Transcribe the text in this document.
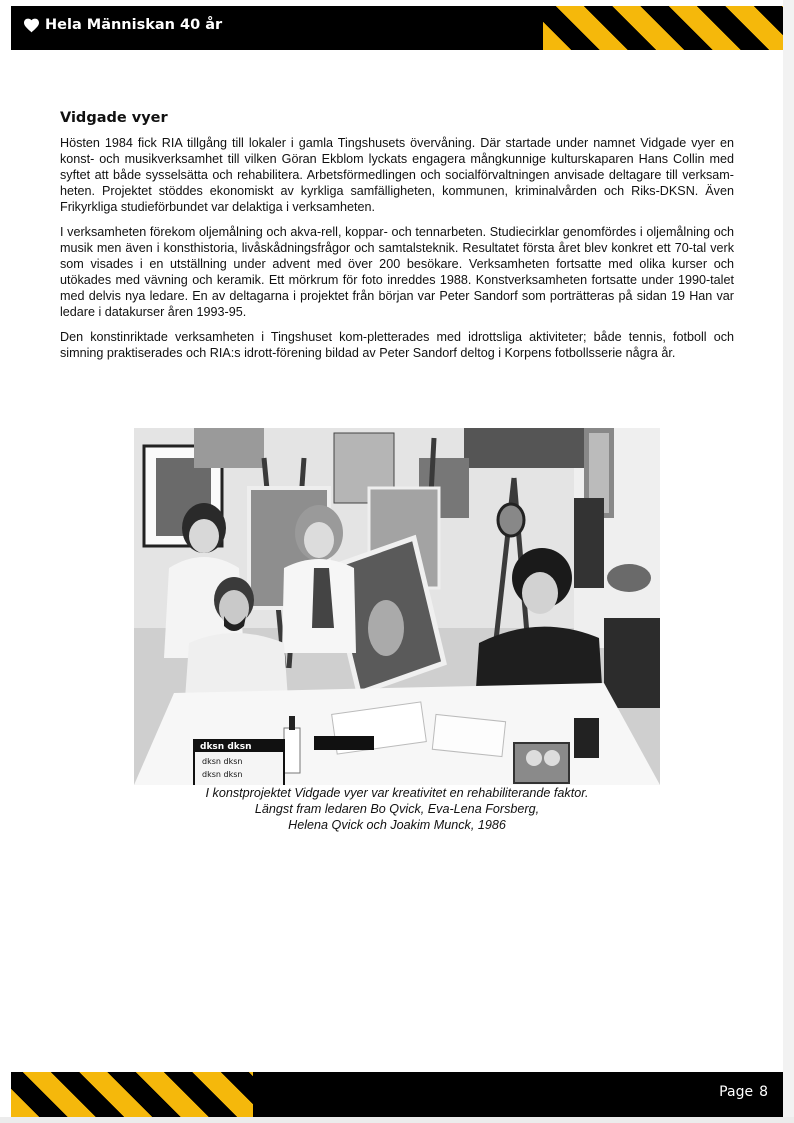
Hela Människan 40 år
Vidgade vyer

Hösten 1984 fick RIA tillgång till lokaler i gamla Tingshusets övervåning. Där startade under namnet Vidgade vyer en konst- och musikverksamhet till vilken Göran Ekblom lyckats engagera mångkunnige kulturskaparen Hans Collin med syftet att både sysselsätta och rehabilitera. Arbetsförmedlingen och socialförvaltningen anvisade deltagare till verksam-heten. Projektet stöddes ekonomiskt av kyrkliga samfälligheten, kommunen, kriminalvården och Riks-DKSN. Även Frikyrkliga studieförbundet var delaktiga i verksamheten.

I verksamheten förekom oljemålning och akva-rell, koppar- och tennarbeten. Studiecirklar genomfördes i oljemålning och musik men även i konsthistoria, livåskådningsfrågor och samtalsteknik. Resultatet första året blev konkret ett 70-tal verk som visades i en utställning under advent med över 200 besökare. Verksamheten fortsatte med olika kurser och utökades med vävning och keramik. Ett mörkrum för foto inreddes 1988. Konstverksamheten fortsatte under 1990-talet med delvis nya ledare. En av deltagarna i projektet från början var Peter Sandorf som porträtteras på sidan 19 Han var ledare i datakurser åren 1993-95.

Den konstinriktade verksamheten i Tingshuset kom-pletterades med idrottsliga aktiviteter; både tennis, fotboll och simning praktiserades och RIA:s idrott-förening bildad av Peter Sandorf deltog i Korpens fotbollsserie några år.

dksn dksn
dksn dksn
dksn dksn
I konstprojektet Vidgade vyer var kreativitet en rehabiliterande faktor.
Längst fram ledaren Bo Qvick, Eva-Lena Forsberg,
Helena Qvick och Joakim Munck, 1986
Page 8
